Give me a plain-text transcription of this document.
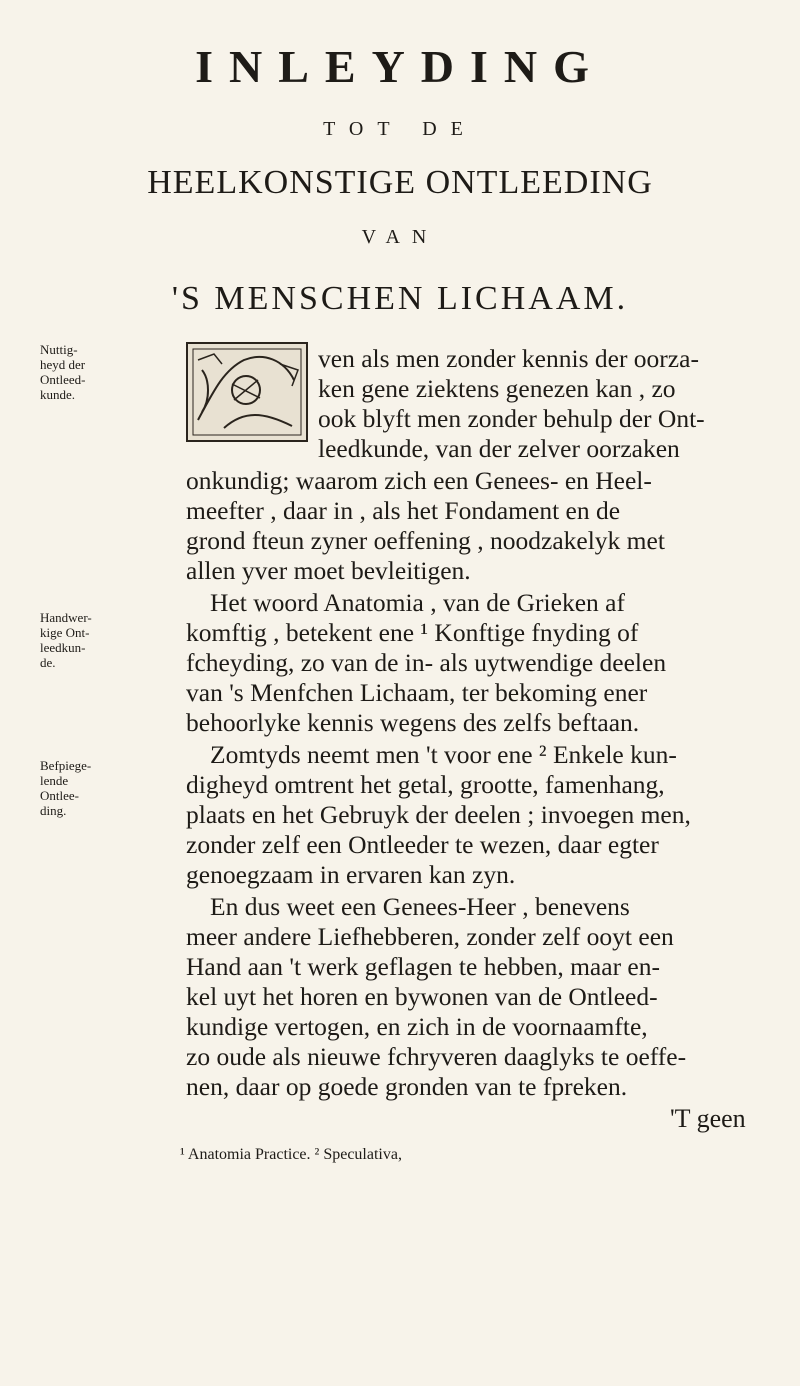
INLEYDING
TOT DE
HEELKONSTIGE ONTLEEDING
VAN
'S MENSCHEN LICHAAM.
Nuttig-
heyd der
Ontleed-
kunde.
Handwer-
kige Ont-
leedkun-
de.
Befpiege-
lende
Ontlee-
ding.
ven als men zonder kennis der oorza-
ken gene ziektens genezen kan , zo
ook blyft men zonder behulp der Ont-
leedkunde, van der zelver oorzaken
onkundig; waarom zich een Genees- en Heel-
meefter , daar in , als het Fondament en de
grond fteun zyner oeffening , noodzakelyk met
allen yver moet bevleitigen.
Het woord Anatomia , van de Grieken af
komftig , betekent ene ¹ Konftige fnyding of
fcheyding, zo van de in- als uytwendige deelen
van 's Menfchen Lichaam, ter bekoming ener
behoorlyke kennis wegens des zelfs beftaan.
Zomtyds neemt men 't voor ene ² Enkele kun-
digheyd omtrent het getal, grootte, famenhang,
plaats en het Gebruyk der deelen ; invoegen men,
zonder zelf een Ontleeder te wezen, daar egter
genoegzaam in ervaren kan zyn.
En dus weet een Genees-Heer , benevens
meer andere Liefhebberen, zonder zelf ooyt een
Hand aan 't werk geflagen te hebben, maar en-
kel uyt het horen en bywonen van de Ontleed-
kundige vertogen, en zich in de voornaamfte,
zo oude als nieuwe fchryveren daaglyks te oeffe-
nen, daar op goede gronden van te fpreken.
'T geen
¹ Anatomia Practice. ² Speculativa,
